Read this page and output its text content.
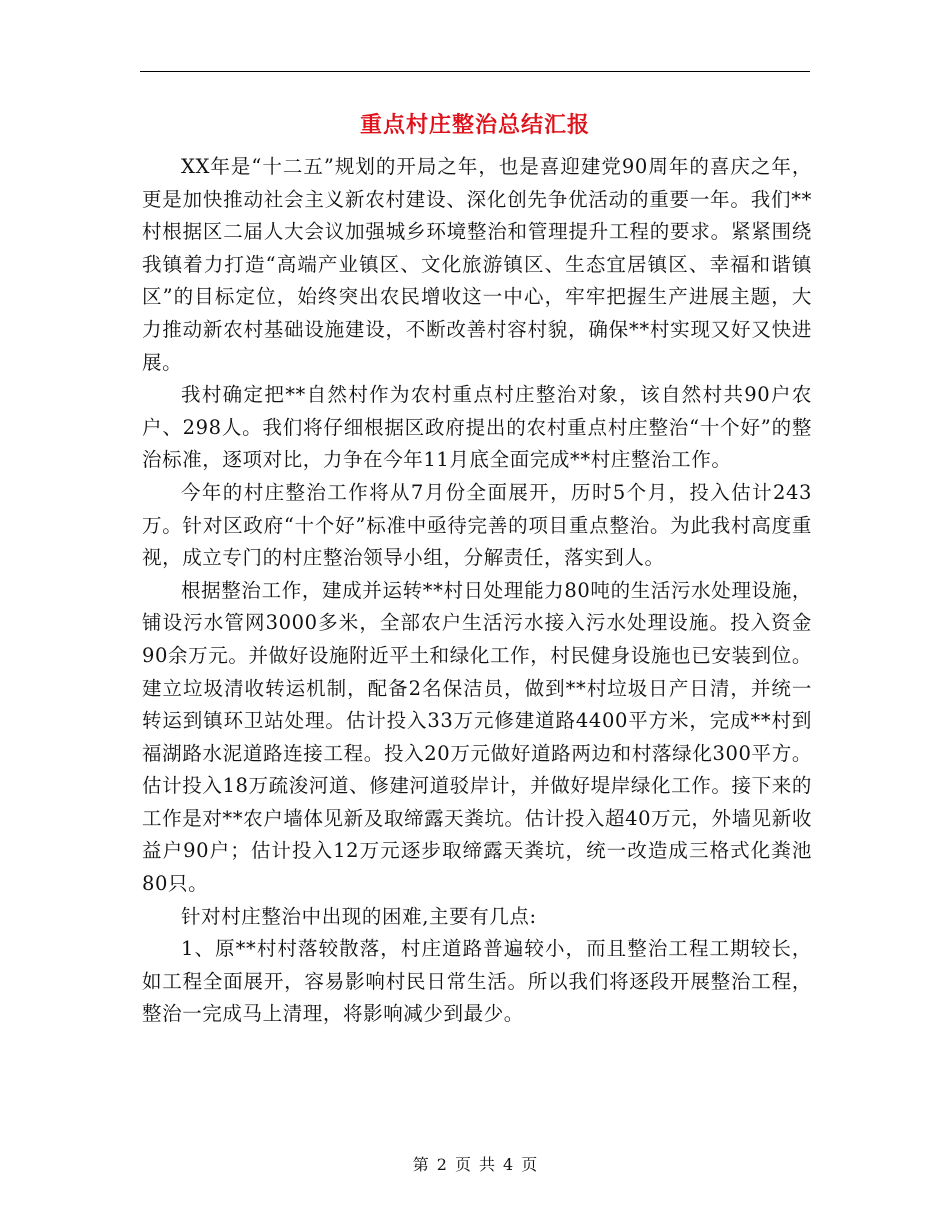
重点村庄整治总结汇报

XX年是“十二五”规划的开局之年，也是喜迎建党90周年的喜庆之年，更是加快推动社会主义新农村建设、深化创先争优活动的重要一年。我们**村根据区二届人大会议加强城乡环境整治和管理提升工程的要求。紧紧围绕我镇着力打造“高端产业镇区、文化旅游镇区、生态宜居镇区、幸福和谐镇区”的目标定位，始终突出农民增收这一中心，牢牢把握生产进展主题，大力推动新农村基础设施建设，不断改善村容村貌，确保**村实现又好又快进展。

我村确定把**自然村作为农村重点村庄整治对象，该自然村共90户农户、298人。我们将仔细根据区政府提出的农村重点村庄整治“十个好”的整治标准，逐项对比，力争在今年11月底全面完成**村庄整治工作。

今年的村庄整治工作将从7月份全面展开，历时5个月，投入估计243万。针对区政府“十个好”标准中亟待完善的项目重点整治。为此我村高度重视，成立专门的村庄整治领导小组，分解责任，落实到人。

根据整治工作，建成并运转**村日处理能力80吨的生活污水处理设施，铺设污水管网3000多米，全部农户生活污水接入污水处理设施。投入资金90余万元。并做好设施附近平土和绿化工作，村民健身设施也已安装到位。建立垃圾清收转运机制，配备2名保洁员，做到**村垃圾日产日清，并统一转运到镇环卫站处理。估计投入33万元修建道路4400平方米，完成**村到福湖路水泥道路连接工程。投入20万元做好道路两边和村落绿化300平方。估计投入18万疏浚河道、修建河道驳岸计，并做好堤岸绿化工作。接下来的工作是对**农户墙体见新及取缔露天粪坑。估计投入超40万元，外墙见新收益户90户；估计投入12万元逐步取缔露天粪坑，统一改造成三格式化粪池80只。

针对村庄整治中出现的困难,主要有几点:

1、原**村村落较散落，村庄道路普遍较小，而且整治工程工期较长，如工程全面展开，容易影响村民日常生活。所以我们将逐段开展整治工程，整治一完成马上清理，将影响减少到最少。

第 2 页 共 4 页
